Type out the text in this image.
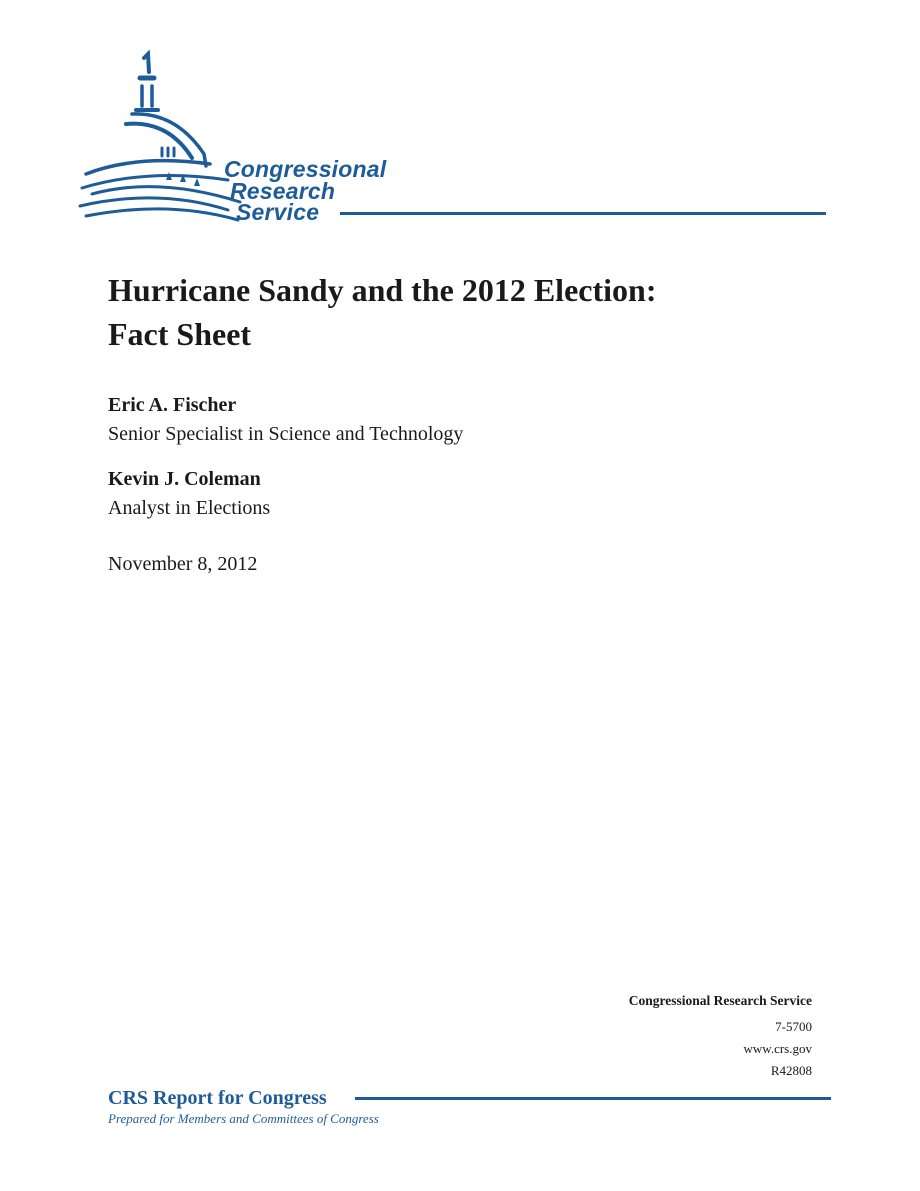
Congressional
Research
Service
Hurricane Sandy and the 2012 Election:
Fact Sheet
Eric A. Fischer
Senior Specialist in Science and Technology
Kevin J. Coleman
Analyst in Elections
November 8, 2012
Congressional Research Service
7-5700
www.crs.gov
R42808
CRS Report for Congress
Prepared for Members and Committees of Congress
